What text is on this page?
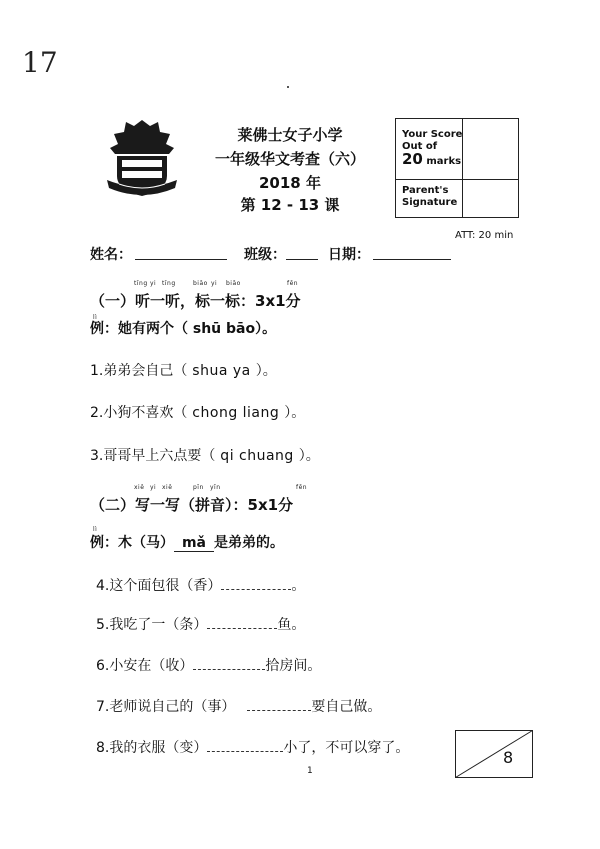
17
莱佛士女子小学
一年级华文考查（六）
2018 年
第 12 - 13 课
Your Score
Out of
20 marks
Parent's
Signature
ATT: 20 min
姓名：	班级：	日期：
tīng yi tīng	biāo yi biāo	fēn
（一）听一听，标一标：3x1分
lì
例：她有两个（ shū bāo）。
1.弟弟会自己（ shua ya ）。
2.小狗不喜欢（ chong liang ）。
3.哥哥早上六点要（ qi chuang ）。
xiě yi xiě	pīn yīn	fēn
（二）写一写（拼音）：5x1分
lì
例：木（马） mǎ 是弟弟的。
4.这个面包很（香）	。
5.我吃了一（条）	鱼。
6.小安在（收）	拾房间。
7.老师说自己的（事）	要自己做。
8.我的衣服（变）	小了，不可以穿了。	8
1
